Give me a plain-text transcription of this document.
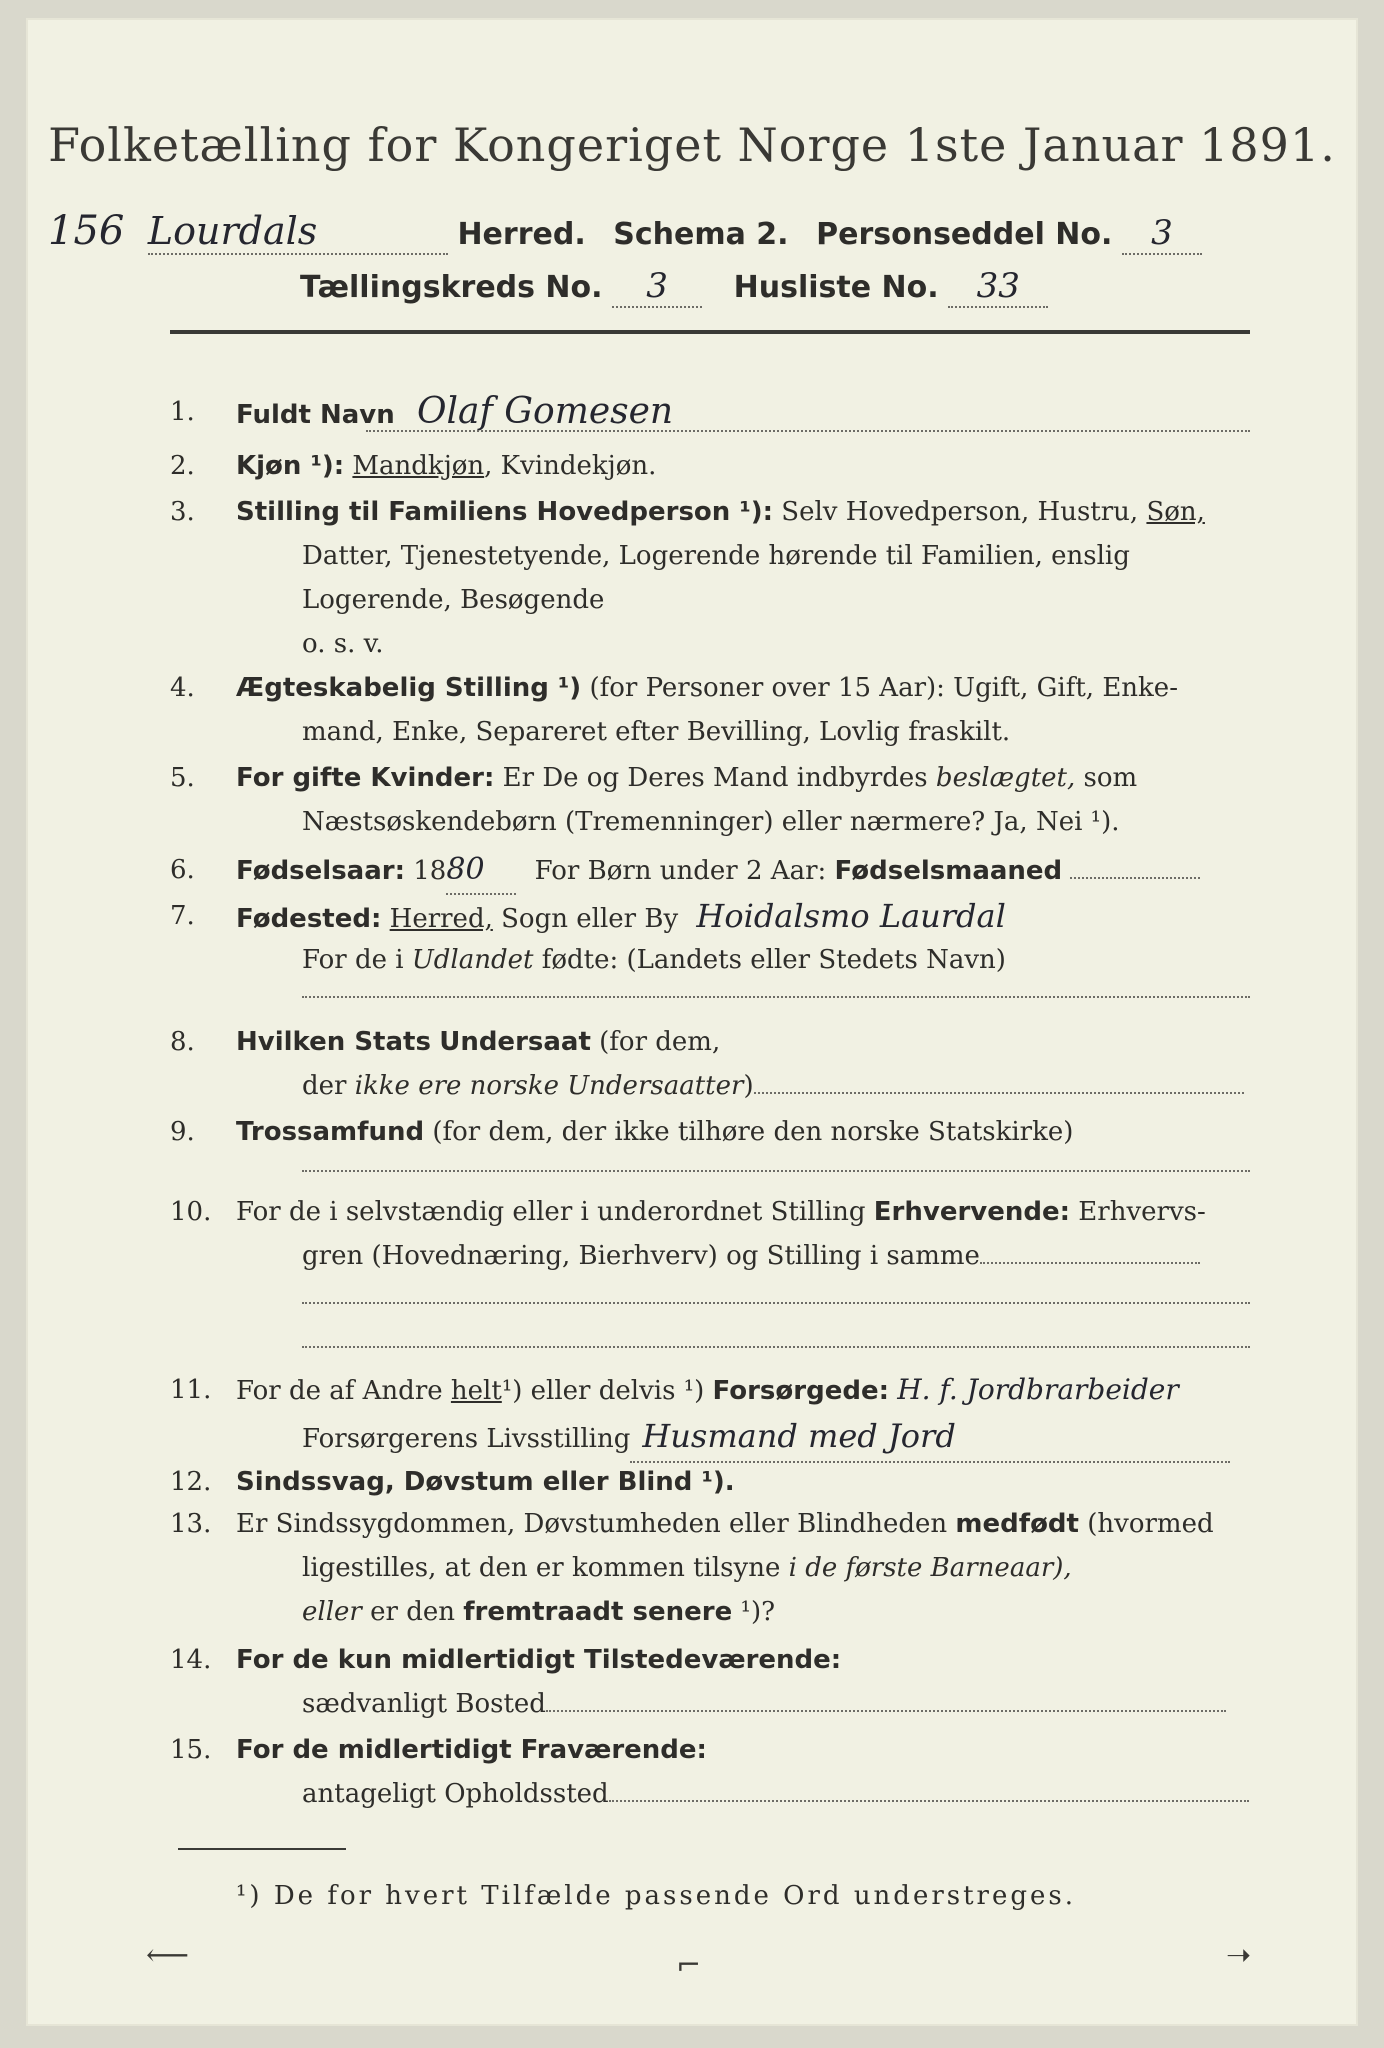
Folketælling for Kongeriget Norge 1ste Januar 1891.
156 Lourdals	Herred. Schema 2. Personseddel No. 3
Tællingskreds No. 3 Husliste No. 33
1.	Fuldt Navn Olaf Gomesen
2.	Kjøn ¹): Mandkjøn, Kvindekjøn.
3.	Stilling til Familiens Hovedperson ¹): Selv Hovedperson, Hustru, Søn,
Datter, Tjenestetyende, Logerende hørende til Familien, enslig
Logerende, Besøgende
o. s. v.
4.	Ægteskabelig Stilling ¹) (for Personer over 15 Aar): Ugift, Gift, Enke-
mand, Enke, Separeret efter Bevilling, Lovlig fraskilt.
5.	For gifte Kvinder: Er De og Deres Mand indbyrdes beslægtet, som
Næstsøskendebørn (Tremenninger) eller nærmere? Ja, Nei ¹).
6.	Fødselsaar: 1880 For Børn under 2 Aar: Fødselsmaaned
7.	Fødested: Herred, Sogn eller By Hoidalsmo Laurdal
For de i Udlandet fødte: (Landets eller Stedets Navn)
8.	Hvilken Stats Undersaat (for dem,
der ikke ere norske Undersaatter)
9.	Trossamfund (for dem, der ikke tilhøre den norske Statskirke)
10. For de i selvstændig eller i underordnet Stilling Erhvervende: Erhvervs-
gren (Hovednæring, Bierhverv) og Stilling i samme
11. For de af Andre helt¹) eller delvis ¹) Forsørgede: H. f. Jordbrarbeider
Forsørgerens Livsstilling Husmand med Jord
12. Sindssvag, Døvstum eller Blind ¹).
13. Er Sindssygdommen, Døvstumheden eller Blindheden medfødt (hvormed
ligestilles, at den er kommen tilsyne i de første Barneaar),
eller er den fremtraadt senere ¹)?
14. For de kun midlertidigt Tilstedeværende:
sædvanligt Bosted
15. For de midlertidigt Fraværende:
antageligt Opholdssted
¹) De for hvert Tilfælde passende Ord understreges.
⟵	⌐	➝
